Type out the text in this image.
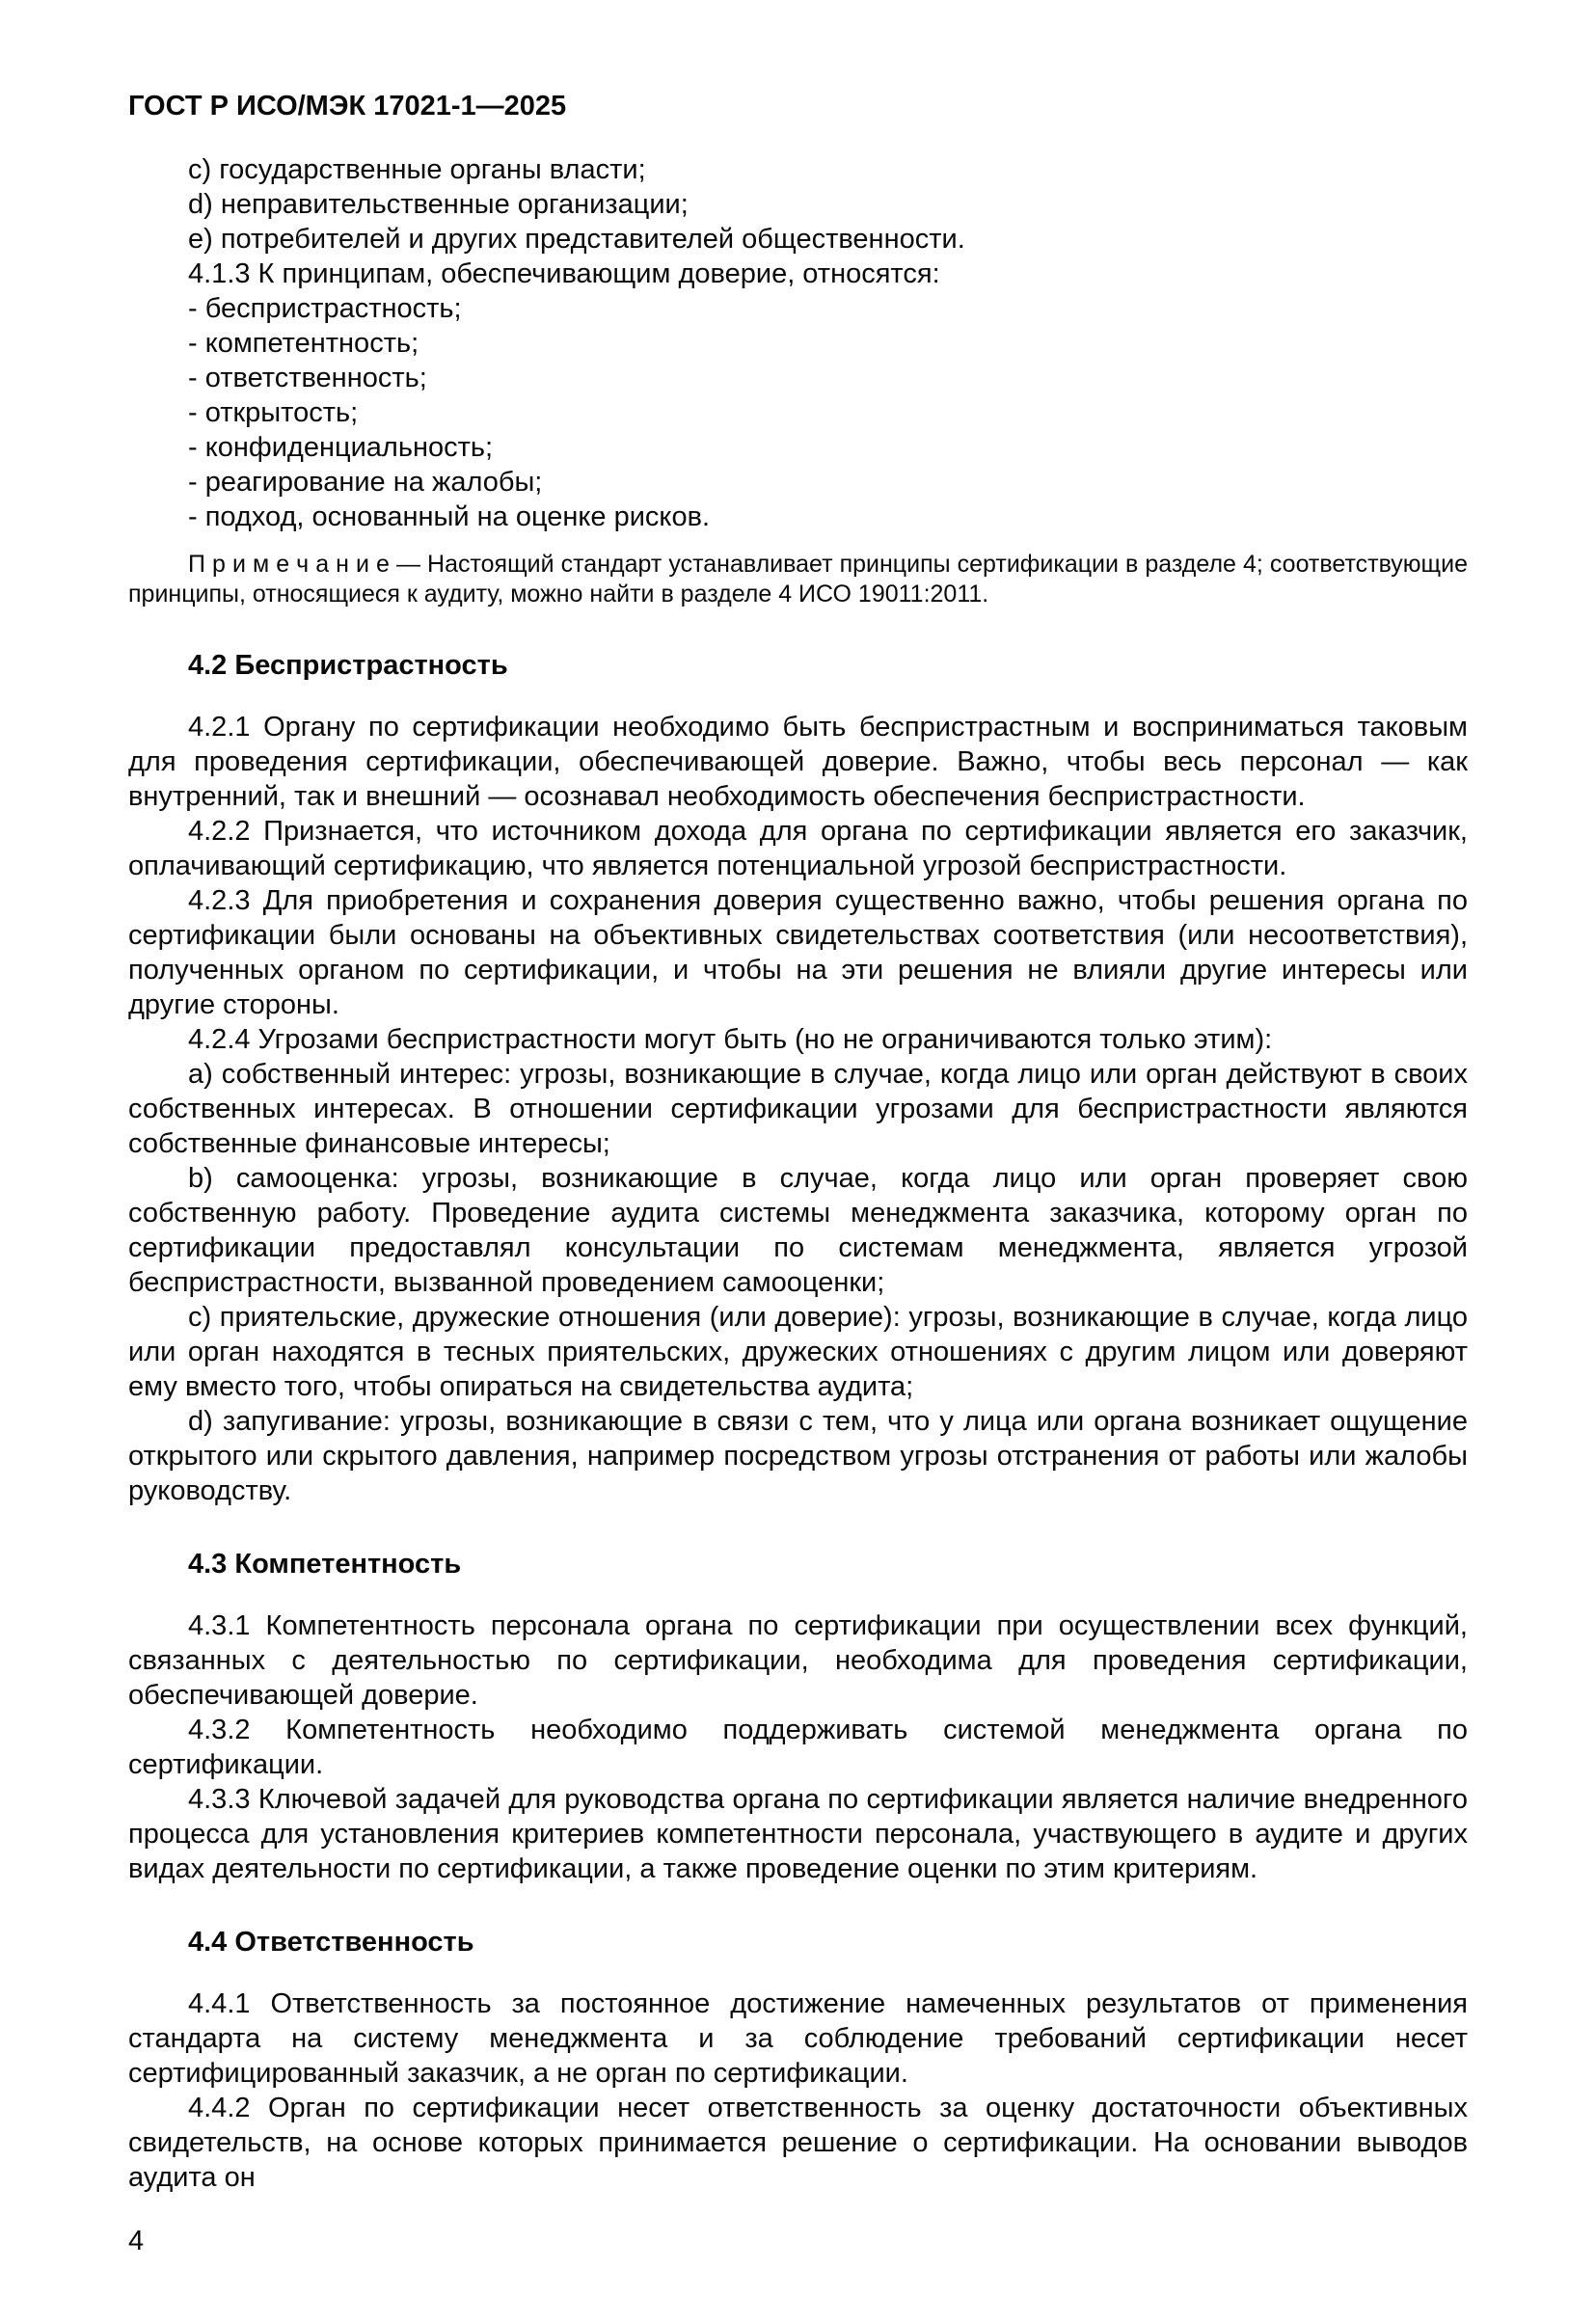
ГОСТ Р ИСО/МЭК 17021-1—2025

c) государственные органы власти;

d) неправительственные организации;

e) потребителей и других представителей общественности.

4.1.3 К принципам, обеспечивающим доверие, относятся:

- беспристрастность;

- компетентность;

- ответственность;

- открытость;

- конфиденциальность;

- реагирование на жалобы;

- подход, основанный на оценке рисков.

П р и м е ч а н и е — Настоящий стандарт устанавливает принципы сертификации в разделе 4; соответствующие принципы, относящиеся к аудиту, можно найти в разделе 4 ИСО 19011:2011.

4.2 Беспристрастность

4.2.1 Органу по сертификации необходимо быть беспристрастным и восприниматься таковым для проведения сертификации, обеспечивающей доверие. Важно, чтобы весь персонал — как внутренний, так и внешний — осознавал необходимость обеспечения беспристрастности.

4.2.2 Признается, что источником дохода для органа по сертификации является его заказчик, оплачивающий сертификацию, что является потенциальной угрозой беспристрастности.

4.2.3 Для приобретения и сохранения доверия существенно важно, чтобы решения органа по сертификации были основаны на объективных свидетельствах соответствия (или несоответствия), полученных органом по сертификации, и чтобы на эти решения не влияли другие интересы или другие стороны.

4.2.4 Угрозами беспристрастности могут быть (но не ограничиваются только этим):

a) собственный интерес: угрозы, возникающие в случае, когда лицо или орган действуют в своих собственных интересах. В отношении сертификации угрозами для беспристрастности являются собственные финансовые интересы;

b) самооценка: угрозы, возникающие в случае, когда лицо или орган проверяет свою собственную работу. Проведение аудита системы менеджмента заказчика, которому орган по сертификации предоставлял консультации по системам менеджмента, является угрозой беспристрастности, вызванной проведением самооценки;

c) приятельские, дружеские отношения (или доверие): угрозы, возникающие в случае, когда лицо или орган находятся в тесных приятельских, дружеских отношениях с другим лицом или доверяют ему вместо того, чтобы опираться на свидетельства аудита;

d) запугивание: угрозы, возникающие в связи с тем, что у лица или органа возникает ощущение открытого или скрытого давления, например посредством угрозы отстранения от работы или жалобы руководству.

4.3 Компетентность

4.3.1 Компетентность персонала органа по сертификации при осуществлении всех функций, связанных с деятельностью по сертификации, необходима для проведения сертификации, обеспечивающей доверие.

4.3.2 Компетентность необходимо поддерживать системой менеджмента органа по сертификации.

4.3.3 Ключевой задачей для руководства органа по сертификации является наличие внедренного процесса для установления критериев компетентности персонала, участвующего в аудите и других видах деятельности по сертификации, а также проведение оценки по этим критериям.

4.4 Ответственность

4.4.1 Ответственность за постоянное достижение намеченных результатов от применения стандарта на систему менеджмента и за соблюдение требований сертификации несет сертифицированный заказчик, а не орган по сертификации.

4.4.2 Орган по сертификации несет ответственность за оценку достаточности объективных свидетельств, на основе которых принимается решение о сертификации. На основании выводов аудита он

4
